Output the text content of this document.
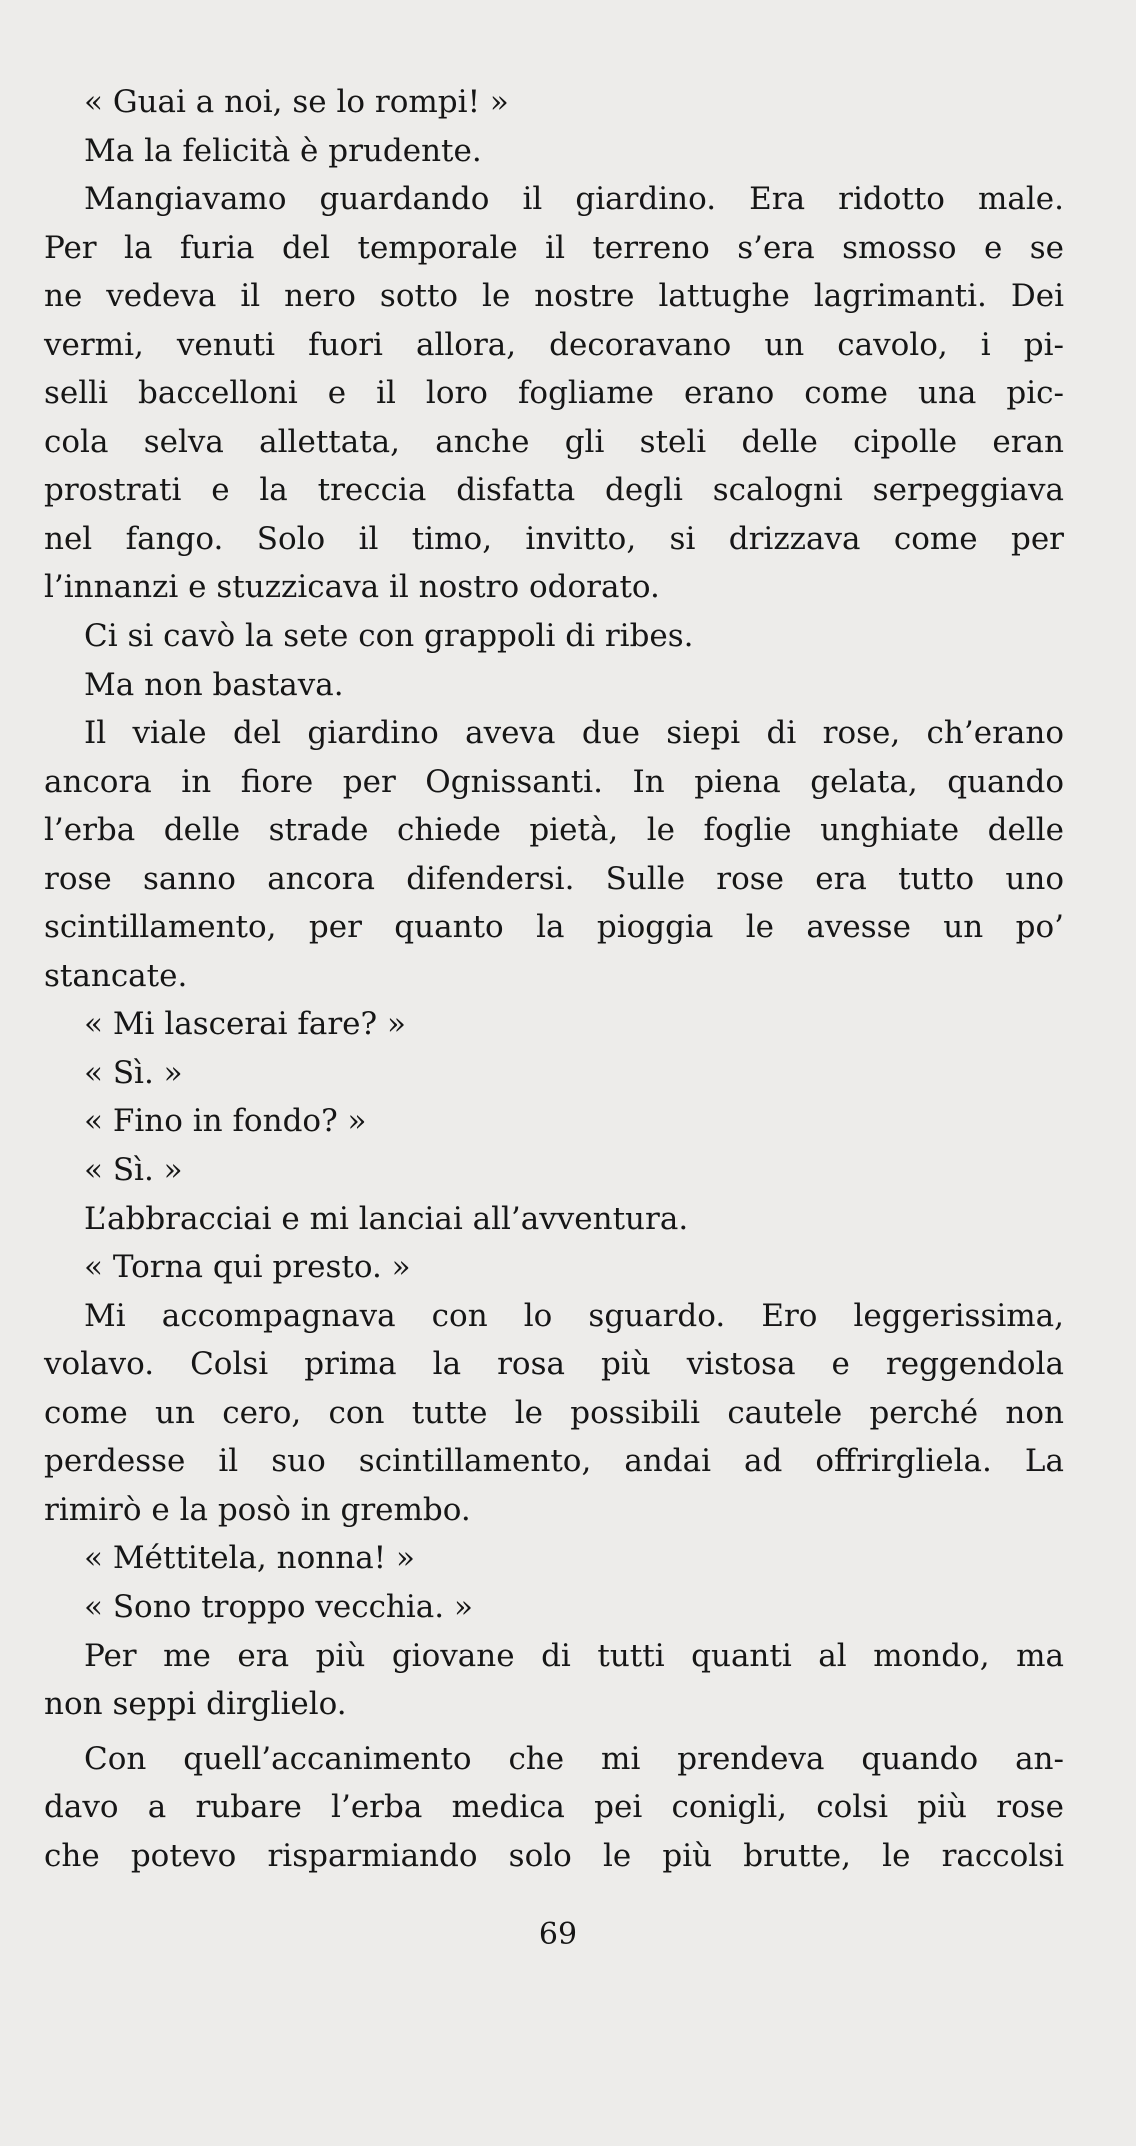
« Guai a noi, se lo rompi! »
Ma la felicità è prudente.
Mangiavamo guardando il giardino. Era ridotto male.
Per la furia del temporale il terreno s’era smosso e se
ne vedeva il nero sotto le nostre lattughe lagrimanti. Dei
vermi, venuti fuori allora, decoravano un cavolo, i pi-
selli baccelloni e il loro fogliame erano come una pic-
cola selva allettata, anche gli steli delle cipolle eran
prostrati e la treccia disfatta degli scalogni serpeggiava
nel fango. Solo il timo, invitto, si drizzava come per
l’innanzi e stuzzicava il nostro odorato.
Ci si cavò la sete con grappoli di ribes.
Ma non bastava.
Il viale del giardino aveva due siepi di rose, ch’erano
ancora in fiore per Ognissanti. In piena gelata, quando
l’erba delle strade chiede pietà, le foglie unghiate delle
rose sanno ancora difendersi. Sulle rose era tutto uno
scintillamento, per quanto la pioggia le avesse un po’
stancate.
« Mi lascerai fare? »
« Sì. »
« Fino in fondo? »
« Sì. »
L’abbracciai e mi lanciai all’avventura.
« Torna qui presto. »
Mi accompagnava con lo sguardo. Ero leggerissima,
volavo. Colsi prima la rosa più vistosa e reggendola
come un cero, con tutte le possibili cautele perché non
perdesse il suo scintillamento, andai ad offrirgliela. La
rimirò e la posò in grembo.
« Méttitela, nonna! »
« Sono troppo vecchia. »
Per me era più giovane di tutti quanti al mondo, ma
non seppi dirglielo.
Con quell’accanimento che mi prendeva quando an-
davo a rubare l’erba medica pei conigli, colsi più rose
che potevo risparmiando solo le più brutte, le raccolsi
69
